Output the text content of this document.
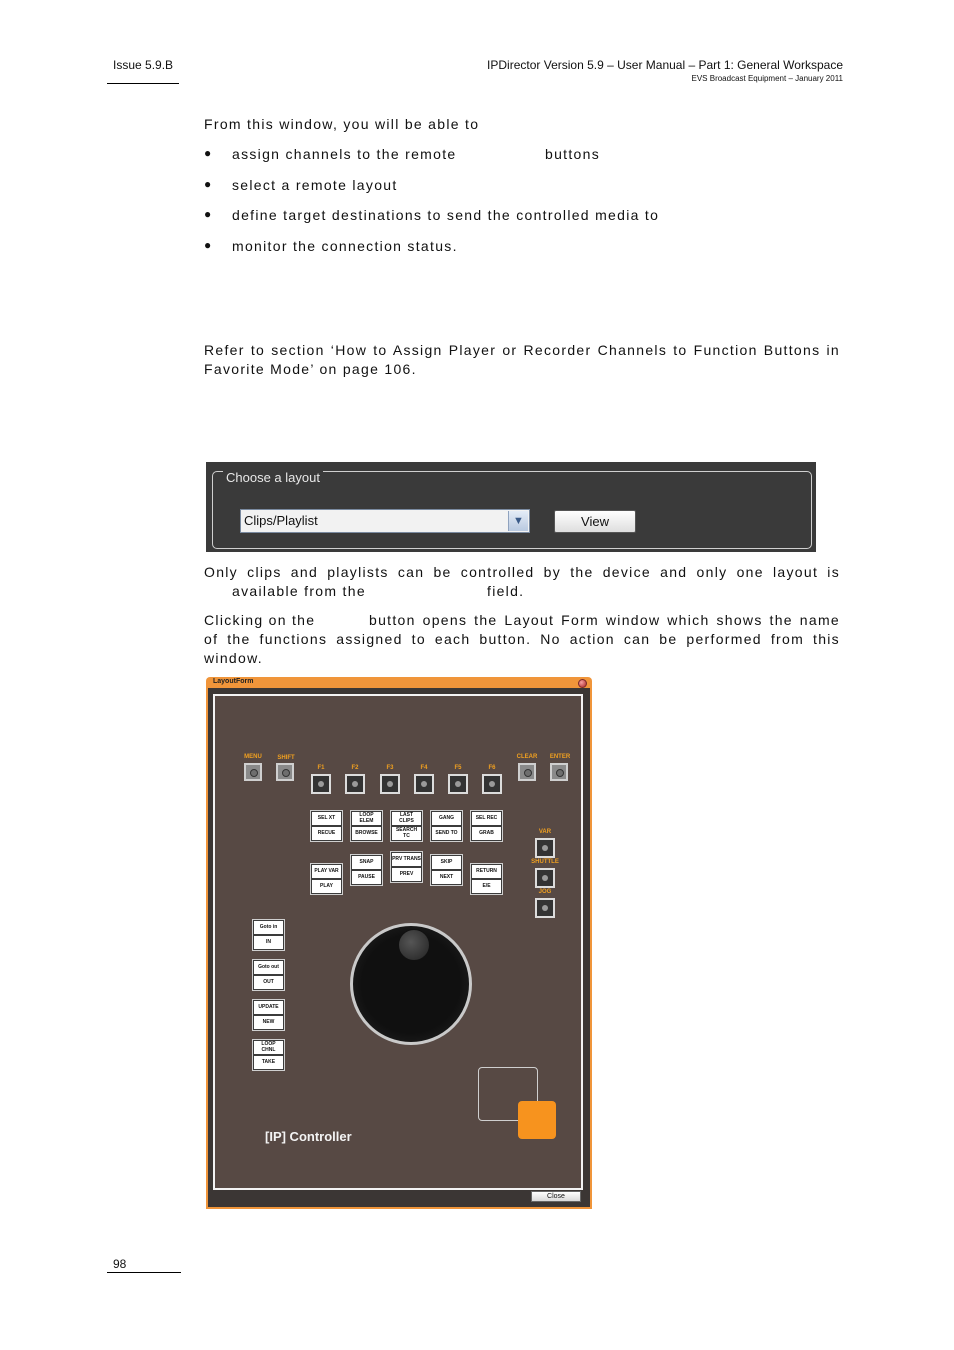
Issue 5.9.B	IPDirector Version 5.9 – User Manual – Part 1: General Workspace
EVS Broadcast Equipment – January 2011
From this window, you will be able to
● assign channels to the remote	buttons
● select a remote layout
● define target destinations to send the controlled media to
● monitor the connection status.
Refer to section ‘How to Assign Player or Recorder Channels to Function Buttons in Favorite Mode’ on page 106.
Choose a layout
Clips/Playlist	▼	View
Only clips and playlists can be controlled by the device and only one layout is
available from the	field.
Clicking on the	button opens the Layout Form window which shows the name
of the functions assigned to each button. No action can be performed from this
window.
LayoutForm
MENU	SHIFT	CLEAR	ENTER
F1	F2	F3	F4	F5	F6
SEL XT
RECUE
LOOP ELEM
BROWSE
LAST CLIPS
SEARCH TC
GANG
SEND TO
SEL REC
GRAB
PLAY VAR
PLAY
SNAP
PAUSE
PRV TRANS
PREV
SKIP
NEXT
RETURN
E/E
VAR
SHUTTLE
JOG
Goto in
IN
Goto out
OUT
UPDATE
NEW
LOOP CHNL
TAKE
[IP] Controller
Close
98
